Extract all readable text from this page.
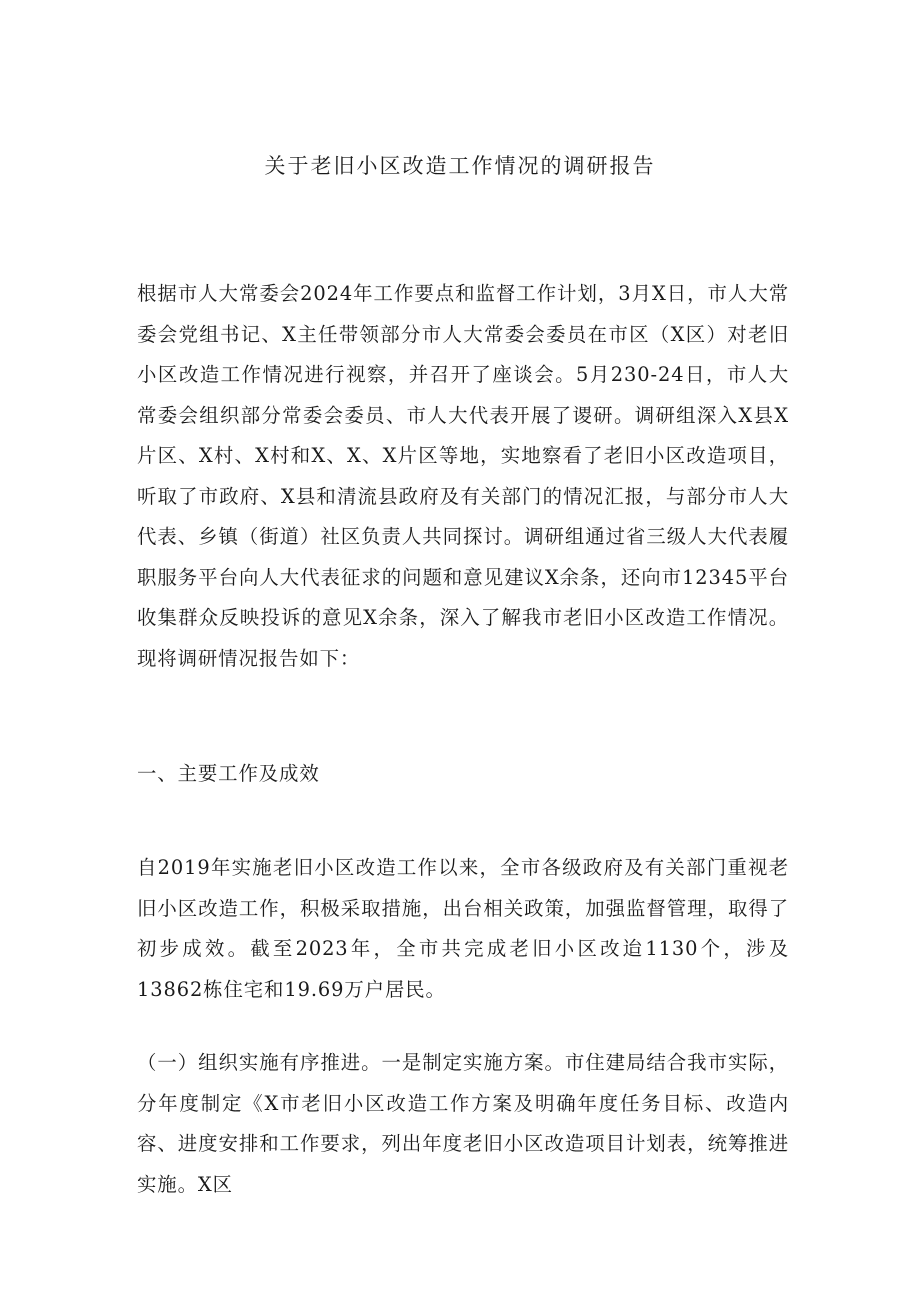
关于老旧小区改造工作情况的调研报告
根据市人大常委会2024年工作要点和监督工作计划，3月X日，市人大常委会党组书记、X主任带领部分市人大常委会委员在市区（X区）对老旧小区改造工作情况进行视察，并召开了座谈会。5月230-24日，市人大常委会组织部分常委会委员、市人大代表开展了谡研。调研组深入X县X片区、X村、X村和X、X、X片区等地，实地察看了老旧小区改造项目，听取了市政府、X县和清流县政府及有关部门的情况汇报，与部分市人大代表、乡镇（街道）社区负责人共同探讨。调研组通过省三级人大代表履职服务平台向人大代表征求的问题和意见建议X余条，还向市12345平台收集群众反映投诉的意见X余条，深入了解我市老旧小区改造工作情况。现将调研情况报告如下：
一、主要工作及成效
自2019年实施老旧小区改造工作以来，全市各级政府及有关部门重视老旧小区改造工作，积极采取措施，出台相关政策，加强监督管理，取得了初步成效。截至2023年，全市共完成老旧小区改迨1130个，涉及13862栋住宅和19.69万户居民。
（一）组织实施有序推进。一是制定实施方案。市住建局结合我市实际，分年度制定《X市老旧小区改造工作方案及明确年度任务目标、改造内容、进度安排和工作要求，列出年度老旧小区改造项目计划表，统筹推进实施。X区
